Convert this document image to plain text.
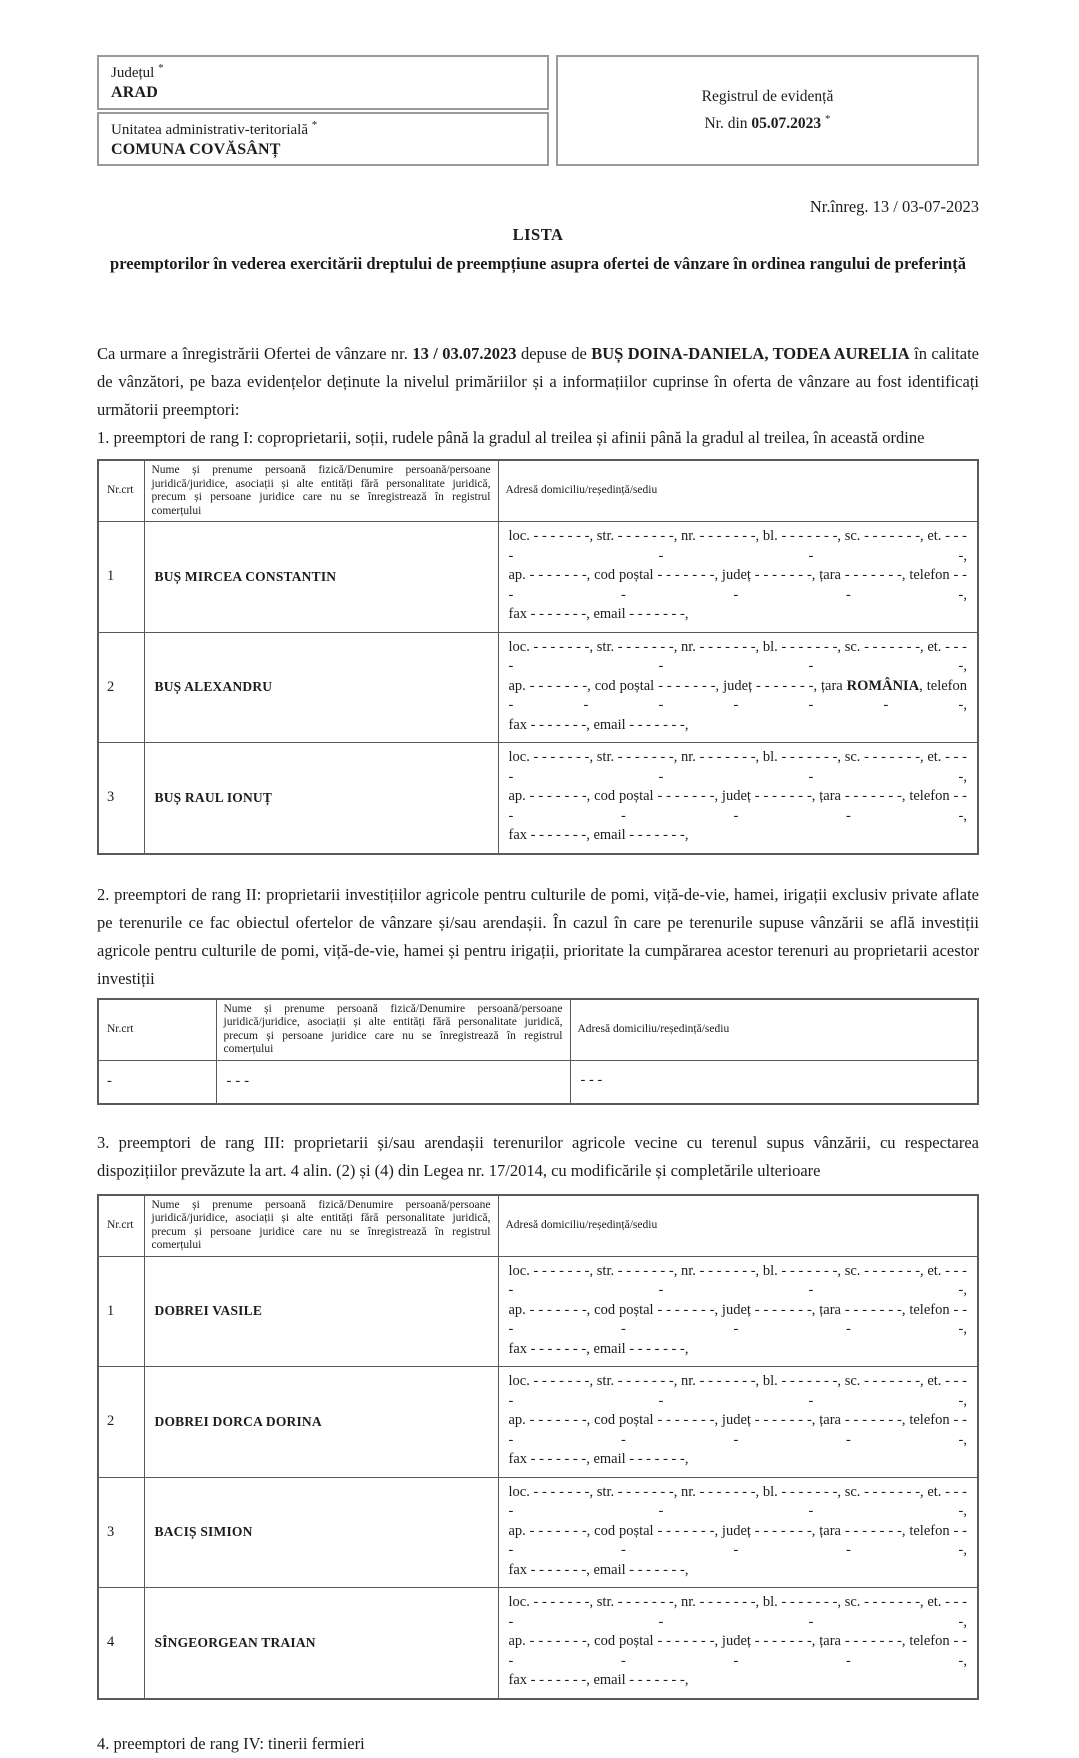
Județul *
ARAD
Unitatea administrativ-teritorială *
COMUNA COVĂSÂNȚ
Registrul de evidență
Nr. din 05.07.2023 *
Nr.înreg. 13 / 03-07-2023
LISTA
preemptorilor în vederea exercitării dreptului de preempțiune asupra ofertei de vânzare în ordinea rangului de preferință

Ca urmare a înregistrării Ofertei de vânzare nr. 13 / 03.07.2023 depuse de BUȘ DOINA-DANIELA, TODEA AURELIA în calitate de vânzători, pe baza evidențelor deținute la nivelul primăriilor și a informațiilor cuprinse în oferta de vânzare au fost identificați următorii preemptori:

1. preemptori de rang I: coproprietarii, soții, rudele până la gradul al treilea și afinii până la gradul al treilea, în această ordine

Nr.crt	Nume și prenume persoană fizică/Denumire persoană/persoane juridică/juridice, asociații și alte entități fără personalitate juridică, precum și persoane juridice care nu se înregistrează în registrul comerțului	Adresă domiciliu/reședință/sediu
1	BUȘ MIRCEA CONSTANTIN	loc. - - - - - - -, str. - - - - - - -, nr. - - - - - - -, bl. - - - - - - -, sc. - - - - - - -, et. - - - - - - -,
ap. - - - - - - -, cod poștal - - - - - - -, județ - - - - - - -, țara - - - - - - -, telefon - - - - - - -,
fax - - - - - - -, email - - - - - - -,

2	BUȘ ALEXANDRU	loc. - - - - - - -, str. - - - - - - -, nr. - - - - - - -, bl. - - - - - - -, sc. - - - - - - -, et. - - - - - - -,
ap. - - - - - - -, cod poștal - - - - - - -, județ - - - - - - -, țara ROMÂNIA, telefon - - - - - - -,
fax - - - - - - -, email - - - - - - -,

3	BUȘ RAUL IONUȚ	loc. - - - - - - -, str. - - - - - - -, nr. - - - - - - -, bl. - - - - - - -, sc. - - - - - - -, et. - - - - - - -,
ap. - - - - - - -, cod poștal - - - - - - -, județ - - - - - - -, țara - - - - - - -, telefon - - - - - - -,
fax - - - - - - -, email - - - - - - -,

2. preemptori de rang II: proprietarii investițiilor agricole pentru culturile de pomi, viță-de-vie, hamei, irigații exclusiv private aflate pe terenurile ce fac obiectul ofertelor de vânzare și/sau arendașii. În cazul în care pe terenurile supuse vânzării se află investiții agricole pentru culturile de pomi, viță-de-vie, hamei și pentru irigații, prioritate la cumpărarea acestor terenuri au proprietarii acestor investiții

Nr.crt	Nume și prenume persoană fizică/Denumire persoană/persoane juridică/juridice, asociații și alte entități fără personalitate juridică, precum și persoane juridice care nu se înregistrează în registrul comerțului	Adresă domiciliu/reședință/sediu
-	- - -	- - -

3. preemptori de rang III: proprietarii și/sau arendașii terenurilor agricole vecine cu terenul supus vânzării, cu respectarea dispozițiilor prevăzute la art. 4 alin. (2) și (4) din Legea nr. 17/2014, cu modificările și completările ulterioare

Nr.crt	Nume și prenume persoană fizică/Denumire persoană/persoane juridică/juridice, asociații și alte entități fără personalitate juridică, precum și persoane juridice care nu se înregistrează în registrul comerțului	Adresă domiciliu/reședință/sediu
1	DOBREI VASILE	loc. - - - - - - -, str. - - - - - - -, nr. - - - - - - -, bl. - - - - - - -, sc. - - - - - - -, et. - - - - - - -,
ap. - - - - - - -, cod poștal - - - - - - -, județ - - - - - - -, țara - - - - - - -, telefon - - - - - - -,
fax - - - - - - -, email - - - - - - -,

2	DOBREI DORCA DORINA	loc. - - - - - - -, str. - - - - - - -, nr. - - - - - - -, bl. - - - - - - -, sc. - - - - - - -, et. - - - - - - -,
ap. - - - - - - -, cod poștal - - - - - - -, județ - - - - - - -, țara - - - - - - -, telefon - - - - - - -,
fax - - - - - - -, email - - - - - - -,

3	BACIȘ SIMION	loc. - - - - - - -, str. - - - - - - -, nr. - - - - - - -, bl. - - - - - - -, sc. - - - - - - -, et. - - - - - - -,
ap. - - - - - - -, cod poștal - - - - - - -, județ - - - - - - -, țara - - - - - - -, telefon - - - - - - -,
fax - - - - - - -, email - - - - - - -,

4	SÎNGEORGEAN TRAIAN	loc. - - - - - - -, str. - - - - - - -, nr. - - - - - - -, bl. - - - - - - -, sc. - - - - - - -, et. - - - - - - -,
ap. - - - - - - -, cod poștal - - - - - - -, județ - - - - - - -, țara - - - - - - -, telefon - - - - - - -,
fax - - - - - - -, email - - - - - - -,

4. preemptori de rang IV: tinerii fermieri
